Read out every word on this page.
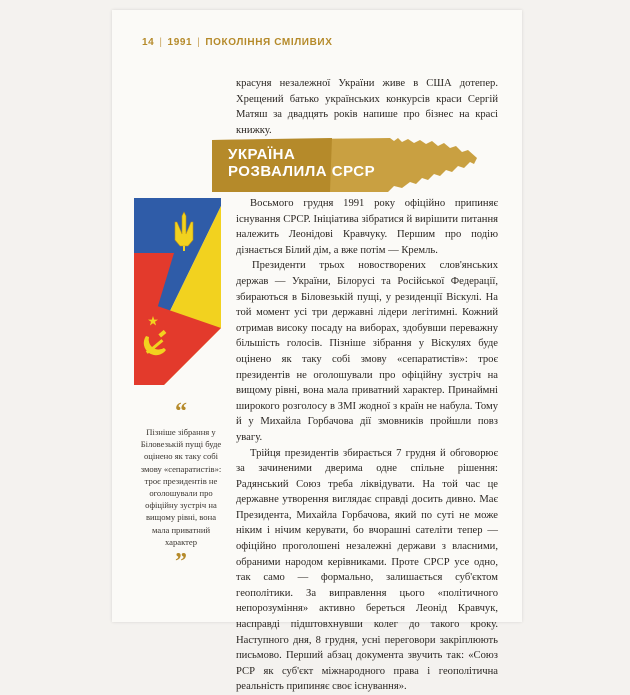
14 | 1991 | ПОКОЛІННЯ СМІЛИВИХ

красуня незалежної України живе в США дотепер. Хрещений батько українських конкурсів краси Сергій Матяш за двадцять років напише про бізнес на красі книжку.

УКРАЇНА
РОЗВАЛИЛА СРСР

Восьмого грудня 1991 року офіційно припиняє існування СРСР. Ініціатива зібратися й вирішити питання належить Леонідові Кравчуку. Першим про подію дізнається Білий дім, а вже потім — Кремль.

Президенти трьох новостворених слов'янських держав — України, Білорусі та Російської Федерації, збираються в Біловезькій пущі, у резиденції Віскулі. На той момент усі три державні лідери легітимні. Кожний отримав високу посаду на виборах, здобувши переважну більшість голосів. Пізніше зібрання у Віскулях буде оцінено як таку собі змову «сепаратистів»: троє президентів не оголошували про офіційну зустріч на вищому рівні, вона мала приватний характер. Принаймні широкого розголосу в ЗМІ жодної з країн не набула. Тому й у Михайла Горбачова дії змовників пройшли повз увагу.

Трійця президентів збирається 7 грудня й обговорює за зачиненими дверима одне спільне рішення: Радянський Союз треба ліквідувати. На той час це державне утворення виглядає справді досить дивно. Має Президента, Михайла Горбачова, який по суті не може ніким і нічим керувати, бо вчорашні сателіти тепер — офіційно проголошені незалежні держави з власними, обраними народом керівниками. Проте СРСР усе одно, так само — формально, залишається суб'єктом геополітики. За виправлення цього «політичного непорозуміння» активно береться Леонід Кравчук, насправді підштовхнувши колег до такого кроку. Наступного дня, 8 грудня, усні переговори закріплюють письмово. Перший абзац документа звучить так: «Союз РСР як суб'єкт міжнародного права і геополітична реальність припиняє своє існування».

“
Пізніше зібрання у Біловезькій пущі буде оцінено як таку собі змову «сепаратистів»: троє президентів не оголошували про офіційну зустріч на вищому рівні, вона мала приватний характер
”
